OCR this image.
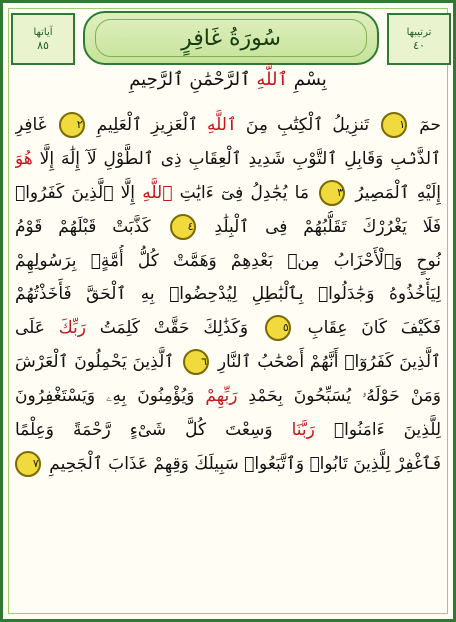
ترتيبها
٤٠
سُورَةُ غَافِرٍ
آياتها
٨٥
بِسْمِ ٱللَّهِ ٱلرَّحْمَٰنِ ٱلرَّحِيمِ
حمٓ ١ تَنزِيلُ ٱلْكِتَٰبِ مِنَ ٱللَّهِ ٱلْعَزِيزِ ٱلْعَلِيمِ ٢ غَافِرِ
ٱلذَّنۢبِ وَقَابِلِ ٱلتَّوْبِ شَدِيدِ ٱلْعِقَابِ ذِى ٱلطَّوْلِ لَآ إِلَٰهَ إِلَّا هُوَ
إِلَيْهِ ٱلْمَصِيرُ ٣ مَا يُجَٰدِلُ فِىٓ ءَايَٰتِ ٱللَّهِ إِلَّا ٱلَّذِينَ كَفَرُوا۟
فَلَا يَغْرُرْكَ تَقَلُّبُهُمْ فِى ٱلْبِلَٰدِ ٤ كَذَّبَتْ قَبْلَهُمْ قَوْمُ
نُوحٍ وَٱلْأَحْزَابُ مِنۢ بَعْدِهِمْ وَهَمَّتْ كُلُّ أُمَّةٍۭ بِرَسُولِهِمْ
لِيَأْخُذُوهُ وَجَٰدَلُوا۟ بِٱلْبَٰطِلِ لِيُدْحِضُوا۟ بِهِ ٱلْحَقَّ فَأَخَذْتُهُمْ
فَكَيْفَ كَانَ عِقَابِ ٥ وَكَذَٰلِكَ حَقَّتْ كَلِمَتُ رَبِّكَ عَلَى
ٱلَّذِينَ كَفَرُوٓا۟ أَنَّهُمْ أَصْحَٰبُ ٱلنَّارِ ٦ ٱلَّذِينَ يَحْمِلُونَ ٱلْعَرْشَ
وَمَنْ حَوْلَهُۥ يُسَبِّحُونَ بِحَمْدِ رَبِّهِمْ وَيُؤْمِنُونَ بِهِۦ وَيَسْتَغْفِرُونَ
لِلَّذِينَ ءَامَنُوا۟ رَبَّنَا وَسِعْتَ كُلَّ شَىْءٍ رَّحْمَةً وَعِلْمًا
فَٱغْفِرْ لِلَّذِينَ تَابُوا۟ وَٱتَّبَعُوا۟ سَبِيلَكَ وَقِهِمْ عَذَابَ ٱلْجَحِيمِ ٧
